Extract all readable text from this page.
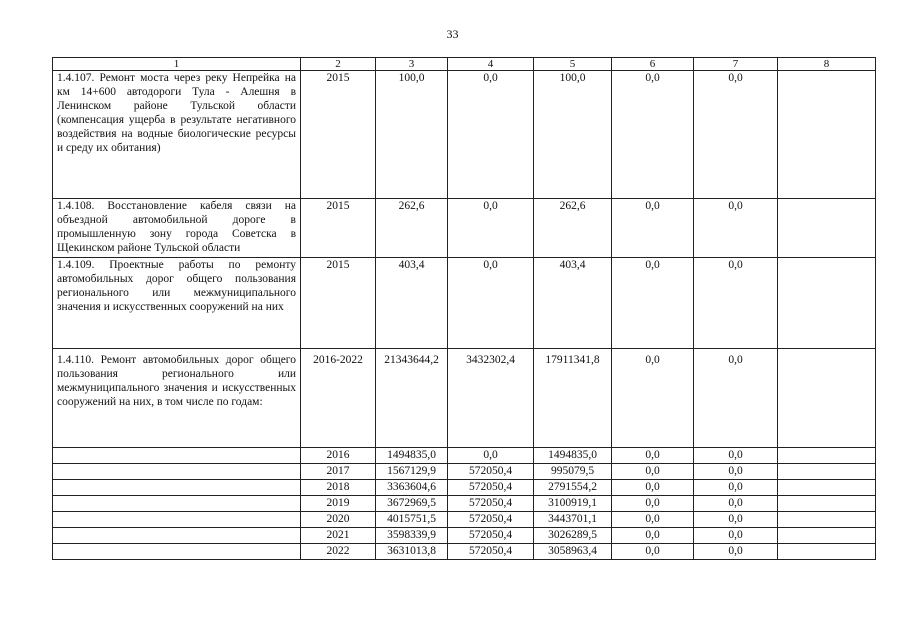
33
1	2	3	4	5	6	7	8
1.4.107. Ремонт моста через реку Непрейка на км 14+600 автодороги Тула - Алешня в Ленинском районе Тульской области (компенсация ущерба в результате негативного воздействия на водные биологические ресурсы и среду их обитания)	2015	100,0	0,0	100,0	0,0	0,0	
1.4.108. Восстановление кабеля связи на объездной автомобильной дороге в промышленную зону города Советска в Щекинском районе Тульской области	2015	262,6	0,0	262,6	0,0	0,0	
1.4.109. Проектные работы по ремонту автомобильных дорог общего пользования регионального или межмуниципального значения и искусственных сооружений на них	2015	403,4	0,0	403,4	0,0	0,0	
1.4.110. Ремонт автомобильных дорог общего пользования регионального или межмуниципального значения и искусственных сооружений на них, в том числе по годам:	2016-2022	21343644,2	3432302,4	17911341,8	0,0	0,0	
	2016	1494835,0	0,0	1494835,0	0,0	0,0	
	2017	1567129,9	572050,4	995079,5	0,0	0,0	
	2018	3363604,6	572050,4	2791554,2	0,0	0,0	
	2019	3672969,5	572050,4	3100919,1	0,0	0,0	
	2020	4015751,5	572050,4	3443701,1	0,0	0,0	
	2021	3598339,9	572050,4	3026289,5	0,0	0,0	
	2022	3631013,8	572050,4	3058963,4	0,0	0,0	
